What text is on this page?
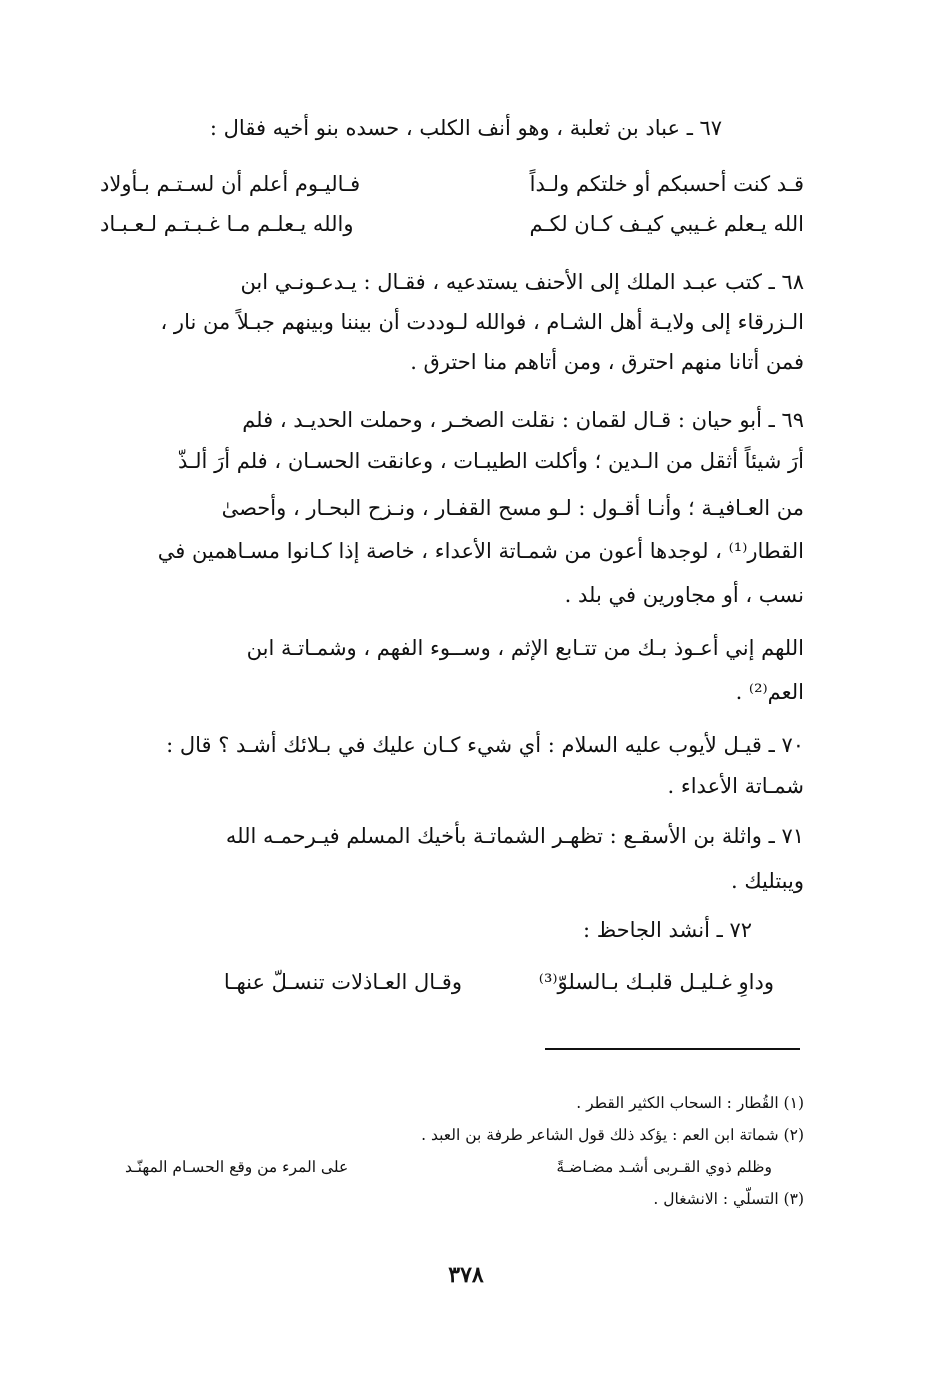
٦٧ ـ عباد بن ثعلبة ، وهو أنف الكلب ، حسده بنو أخيه فقال :
قـد كنت أحسبكم أو خلتكم ولـداً
فـاليـوم أعلم أن لسـتـم بـأولاد
الله يـعلم غـيبي كيـف كـان لكـم
والله يـعلـم مـا غـبـتـم لـعـبـاد
٦٨ ـ كتب عبـد الملك إلى الأحنف يستدعيه ، فقـال : يـدعـونـي ابن
الـزرقاء إلى ولايـة أهل الشـام ، فوالله لـوددت أن بيننا وبينهم جبـلاً من نار ،
فمن أتانا منهم احترق ، ومن أتاهم منا احترق .
٦٩ ـ أبو حيان : قـال لقمان : نقلت الصخـر ، وحملت الحديـد ، فلم
أرَ شيئاً أثقل من الـدين ؛ وأكلت الطيبـات ، وعانقت الحسـان ، فلم أرَ ألـذّ
من العـافيـة ؛ وأنـا أقـول : لـو مسح القفـار ، ونـزح البحـار ، وأحصىٰ
القطار⁽¹⁾ ، لوجدها أعون من شمـاتة الأعداء ، خاصة إذا كـانوا مسـاهمين في
نسب ، أو مجاورين في بلد .
اللهم إني أعـوذ بـك من تتـابع الإثم ، وســوء الفهم ، وشمـاتـة ابن
العم⁽²⁾ .
٧٠ ـ قيـل لأيوب عليه السلام : أي شيء كـان عليك في بـلائك أشـد ؟ قال :
شمـاتة الأعداء .
٧١ ـ واثلة بن الأسقـع : تظهـر الشماتـة بأخيك المسلم فيـرحمـه الله
ويبتليك .
٧٢ ـ أنشد الجاحظ :
وقـال العـاذلات تنسـلّ عنهـا	وداوِ غـليـل قلبـك بـالسلوّ⁽³⁾
(١) القُطار : السحاب الكثير القطر .
(٢) شماتة ابن العم : يؤكد ذلك قول الشاعر طرفة بن العبد .
وظلم ذوي القـربى أشـد مضـاضـةً
على المرء من وقع الحسـام المهنّـد
(٣) التسلّي : الانشغال .
٣٧٨
